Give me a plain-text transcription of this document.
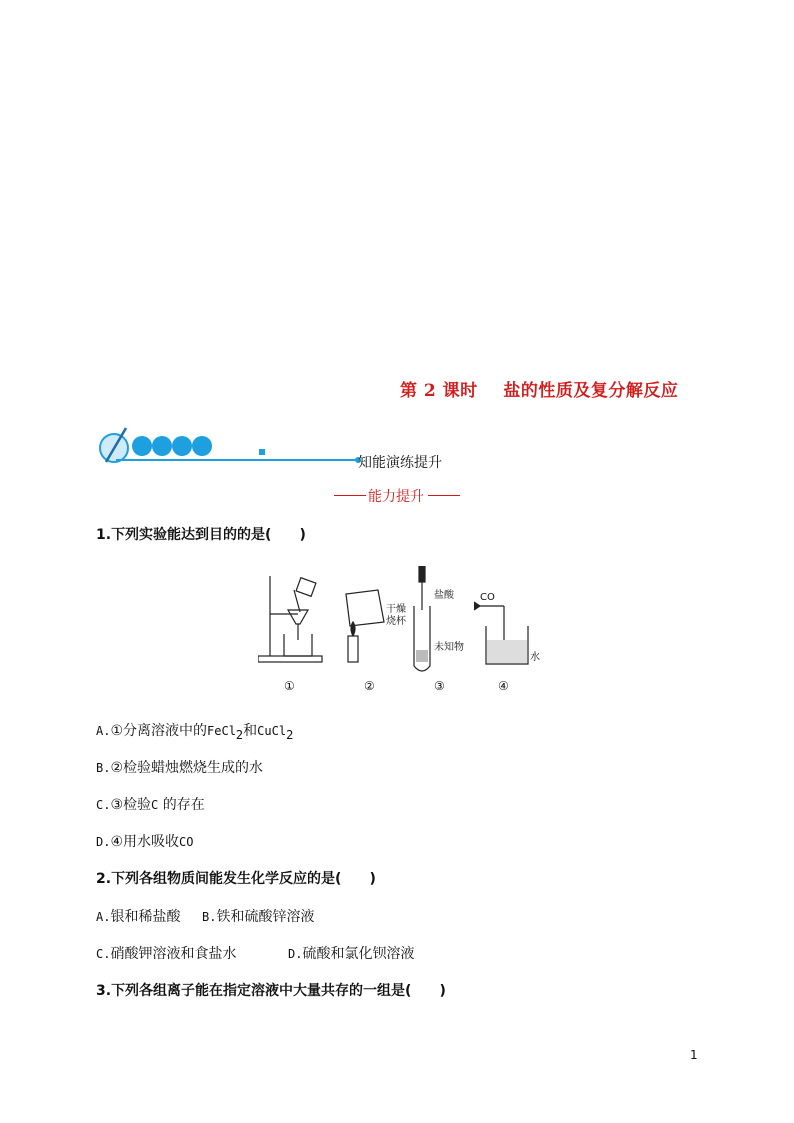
第 2 课时    盐的性质及复分解反应
知能演练提升
能力提升
1.下列实验能达到目的的是(　　)
干燥
烧杯
盐酸
未知物
CO
水
①	②	③	④
A.①分离溶液中的FeCl$_2$和CuCl$_2$
B.②检验蜡烛燃烧生成的水
C.③检验C 的存在
D.④用水吸收CO
2.下列各组物质间能发生化学反应的是(　　)
A.银和稀盐酸 B.铁和硫酸锌溶液
C.硝酸钾溶液和食盐水	D.硫酸和氯化钡溶液
3.下列各组离子能在指定溶液中大量共存的一组是(　　)
1
